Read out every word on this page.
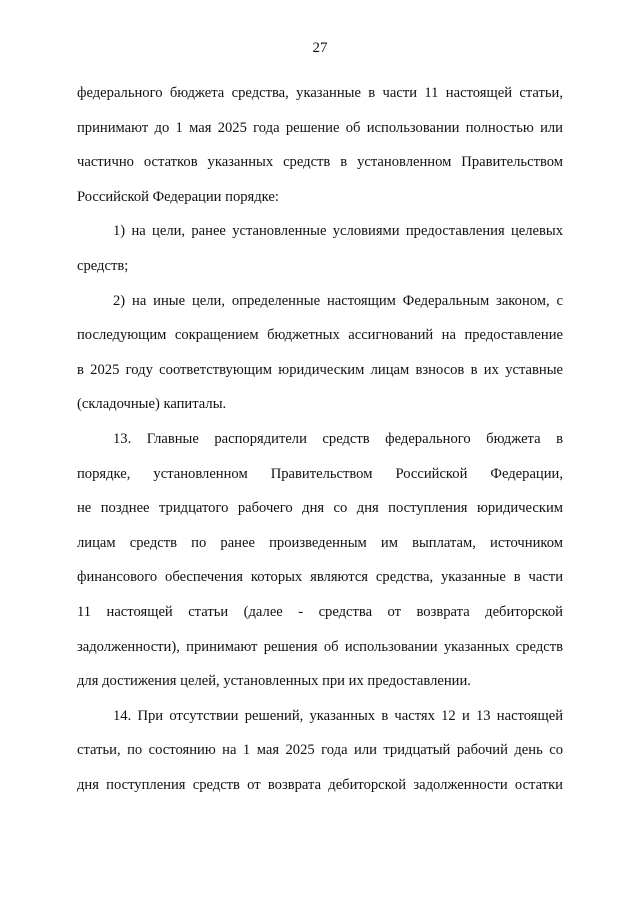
27
федерального бюджета средства, указанные в части 11 настоящей статьи,
принимают до 1 мая 2025 года решение об использовании полностью или
частично остатков указанных средств в установленном Правительством
Российской Федерации порядке:
1) на цели, ранее установленные условиями предоставления целевых
средств;
2) на иные цели, определенные настоящим Федеральным законом, с
последующим сокращением бюджетных ассигнований на предоставление
в 2025 году соответствующим юридическим лицам взносов в их уставные
(складочные) капиталы.
13. Главные распорядители средств федерального бюджета в
порядке, установленном Правительством Российской Федерации,
не позднее тридцатого рабочего дня со дня поступления юридическим
лицам средств по ранее произведенным им выплатам, источником
финансового обеспечения которых являются средства, указанные в части
11 настоящей статьи (далее - средства от возврата дебиторской
задолженности), принимают решения об использовании указанных средств
для достижения целей, установленных при их предоставлении.
14. При отсутствии решений, указанных в частях 12 и 13 настоящей
статьи, по состоянию на 1 мая 2025 года или тридцатый рабочий день со
дня поступления средств от возврата дебиторской задолженности остатки
